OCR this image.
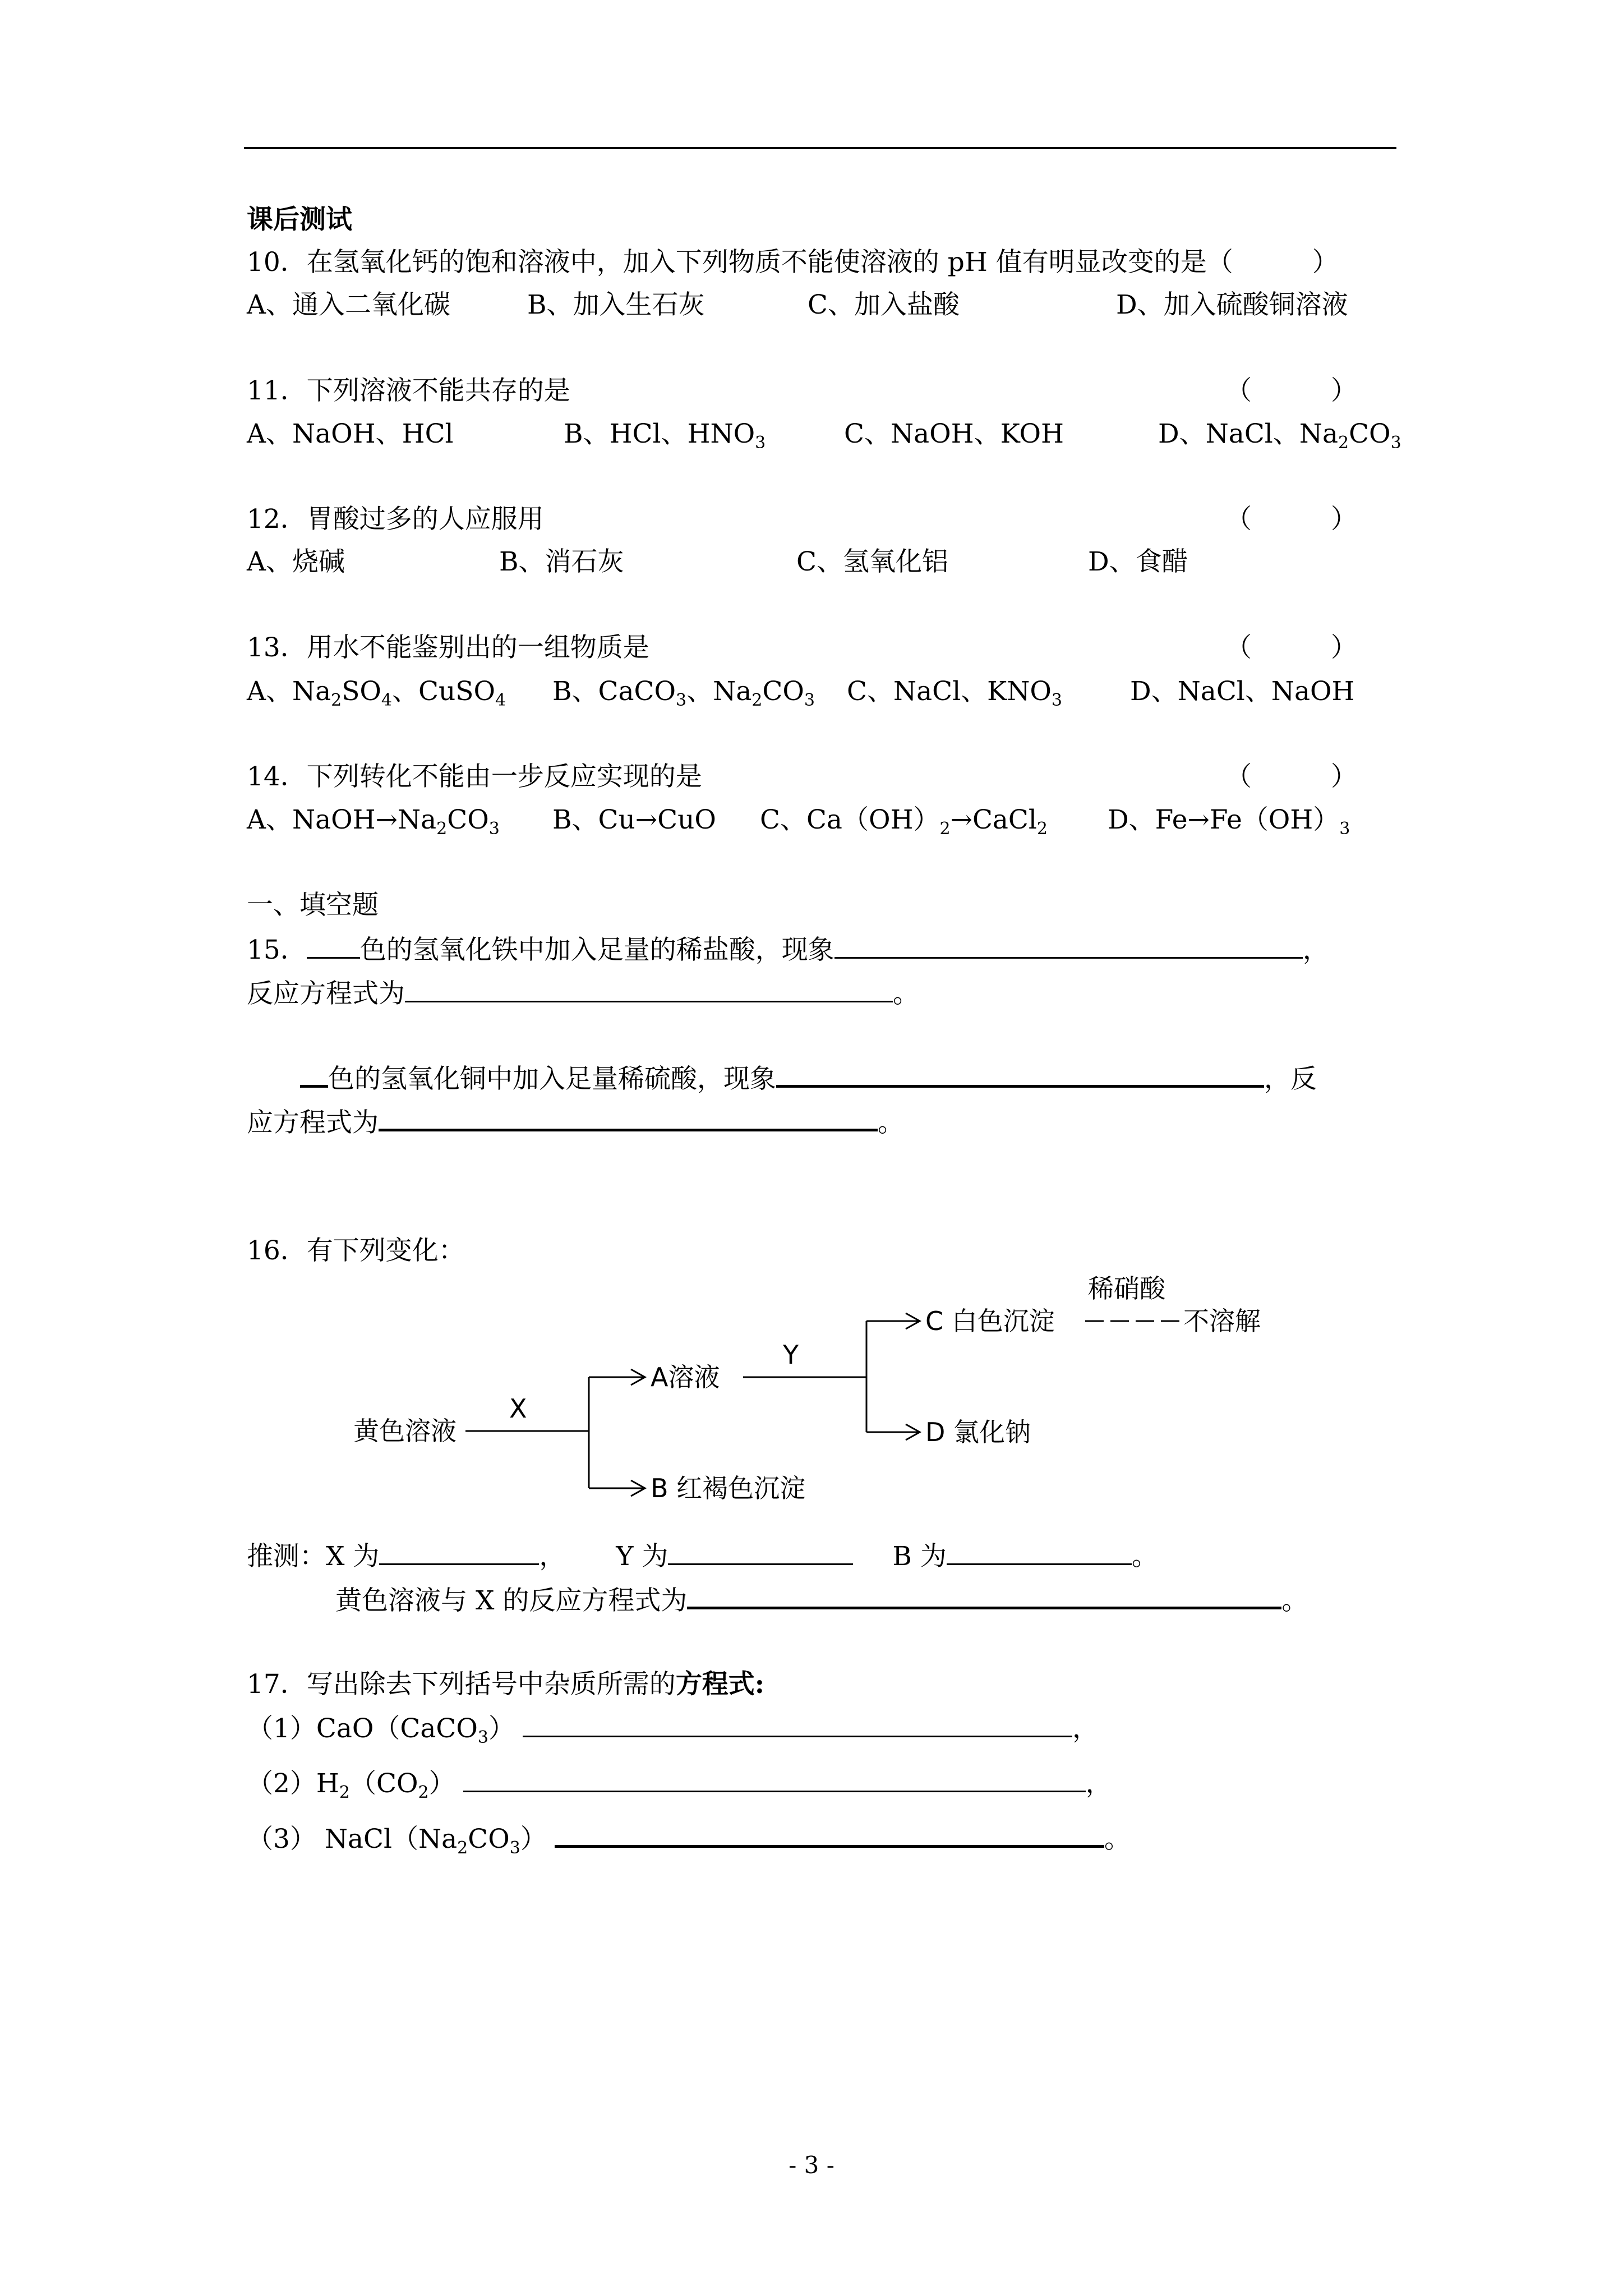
课后测试
10．在氢氧化钙的饱和溶液中，加入下列物质不能使溶液的 pH 值有明显改变的是（　　　）
A、通入二氧化碳	B、加入生石灰	C、加入盐酸	D、加入硫酸铜溶液
11．下列溶液不能共存的是	（　　　）
A、NaOH、HCl	B、HCl、$HNO_3$	C、NaOH、KOH	D、NaCl、$Na_2CO_3$
12．胃酸过多的人应服用	（　　　）
A、烧碱	B、消石灰	C、氢氧化铝	D、食醋
13．用水不能鉴别出的一组物质是	（　　　）
A、$Na_2SO_4$、CuSO$_4$ B、CaCO$_3$、$Na_2CO_3$ C、NaCl、$KNO_3$	D、NaCl、NaOH
14．下列转化不能由一步反应实现的是	（　　　）
A、$NaOH\to Na_2CO_3$ B、Cu→CuO C、$Ca(OH)_2\to CaCl_2$ D、$Fe\to Fe(OH)_3$
一、填空题
15． 色的氢氧化铁中加入足量的稀盐酸，现象	，
反应方程式为	。
色的氢氧化铜中加入足量稀硫酸，现象	，反
应方程式为	。
16．有下列变化：
黄色溶液
X
A溶液
Y
C 白色沉淀
稀硝酸
不溶解
D 氯化钠
B 红褐色沉淀
推测：X 为	， Y 为	B 为	。
黄色溶液与 X 的反应方程式为	。
17．写出除去下列括号中杂质所需的方程式:
（1）CaO（CaCO$_3$）	，
$(2)H_2(CO_2)$	，
（3） $NaCl(Na_2CO_3)$	。
- 3 -
